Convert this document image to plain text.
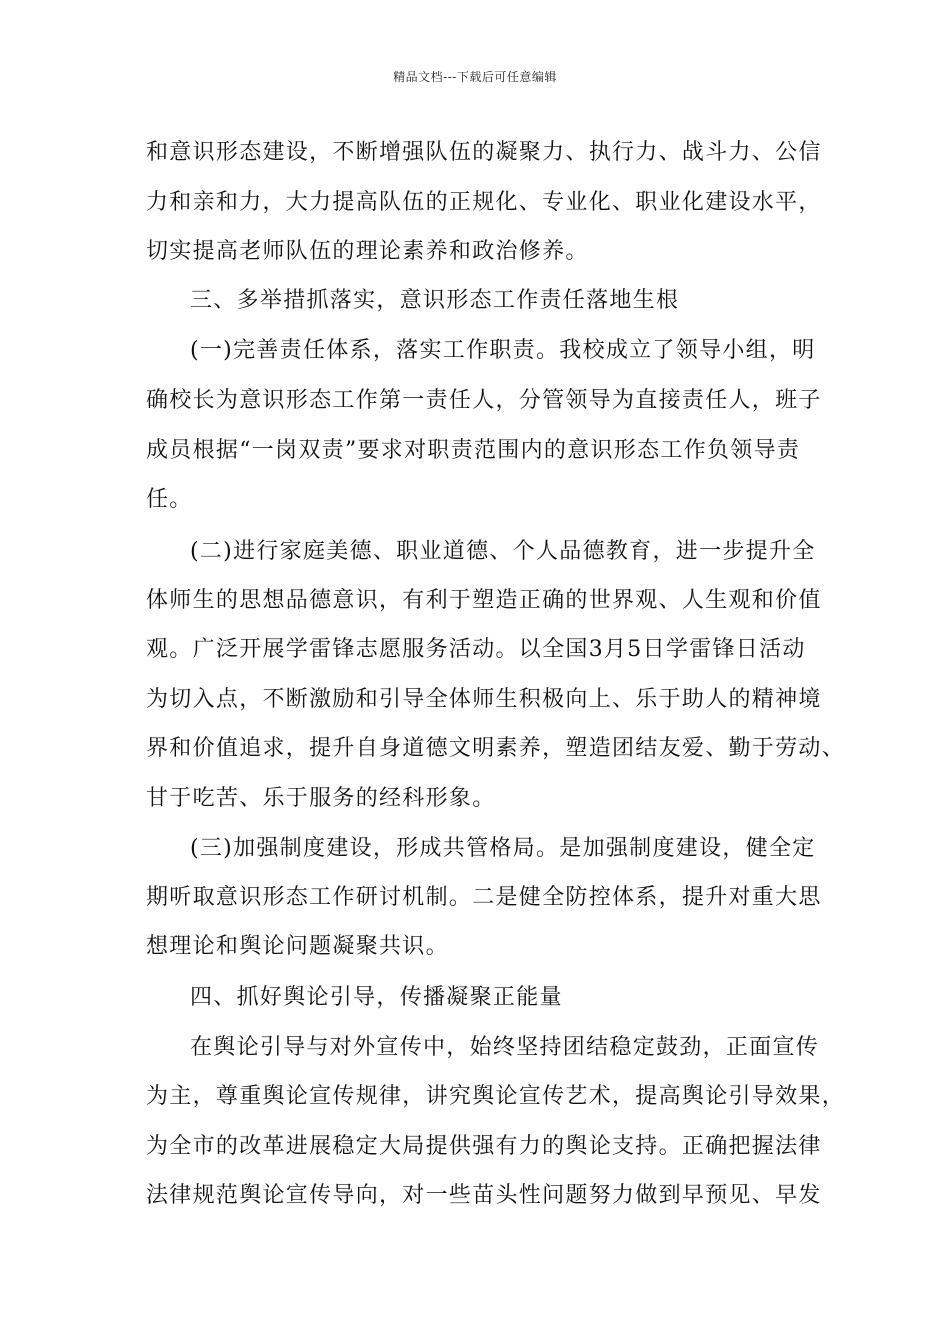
精品文档---下载后可任意编辑
和意识形态建设，不断增强队伍的凝聚力、执行力、战斗力、公信
力和亲和力，大力提高队伍的正规化、专业化、职业化建设水平，
切实提高老师队伍的理论素养和政治修养。
三、多举措抓落实，意识形态工作责任落地生根
(一)完善责任体系，落实工作职责。我校成立了领导小组，明
确校长为意识形态工作第一责任人，分管领导为直接责任人，班子
成员根据“一岗双责”要求对职责范围内的意识形态工作负领导责
任。
(二)进行家庭美德、职业道德、个人品德教育，进一步提升全
体师生的思想品德意识，有利于塑造正确的世界观、人生观和价值
观。广泛开展学雷锋志愿服务活动。以全国3月5日学雷锋日活动
为切入点，不断激励和引导全体师生积极向上、乐于助人的精神境
界和价值追求，提升自身道德文明素养，塑造团结友爱、勤于劳动、
甘于吃苦、乐于服务的经科形象。
(三)加强制度建设，形成共管格局。是加强制度建设，健全定
期听取意识形态工作研讨机制。二是健全防控体系，提升对重大思
想理论和舆论问题凝聚共识。
四、抓好舆论引导，传播凝聚正能量
在舆论引导与对外宣传中，始终坚持团结稳定鼓劲，正面宣传
为主，尊重舆论宣传规律，讲究舆论宣传艺术，提高舆论引导效果，
为全市的改革进展稳定大局提供强有力的舆论支持。正确把握法律
法律规范舆论宣传导向，对一些苗头性问题努力做到早预见、早发
